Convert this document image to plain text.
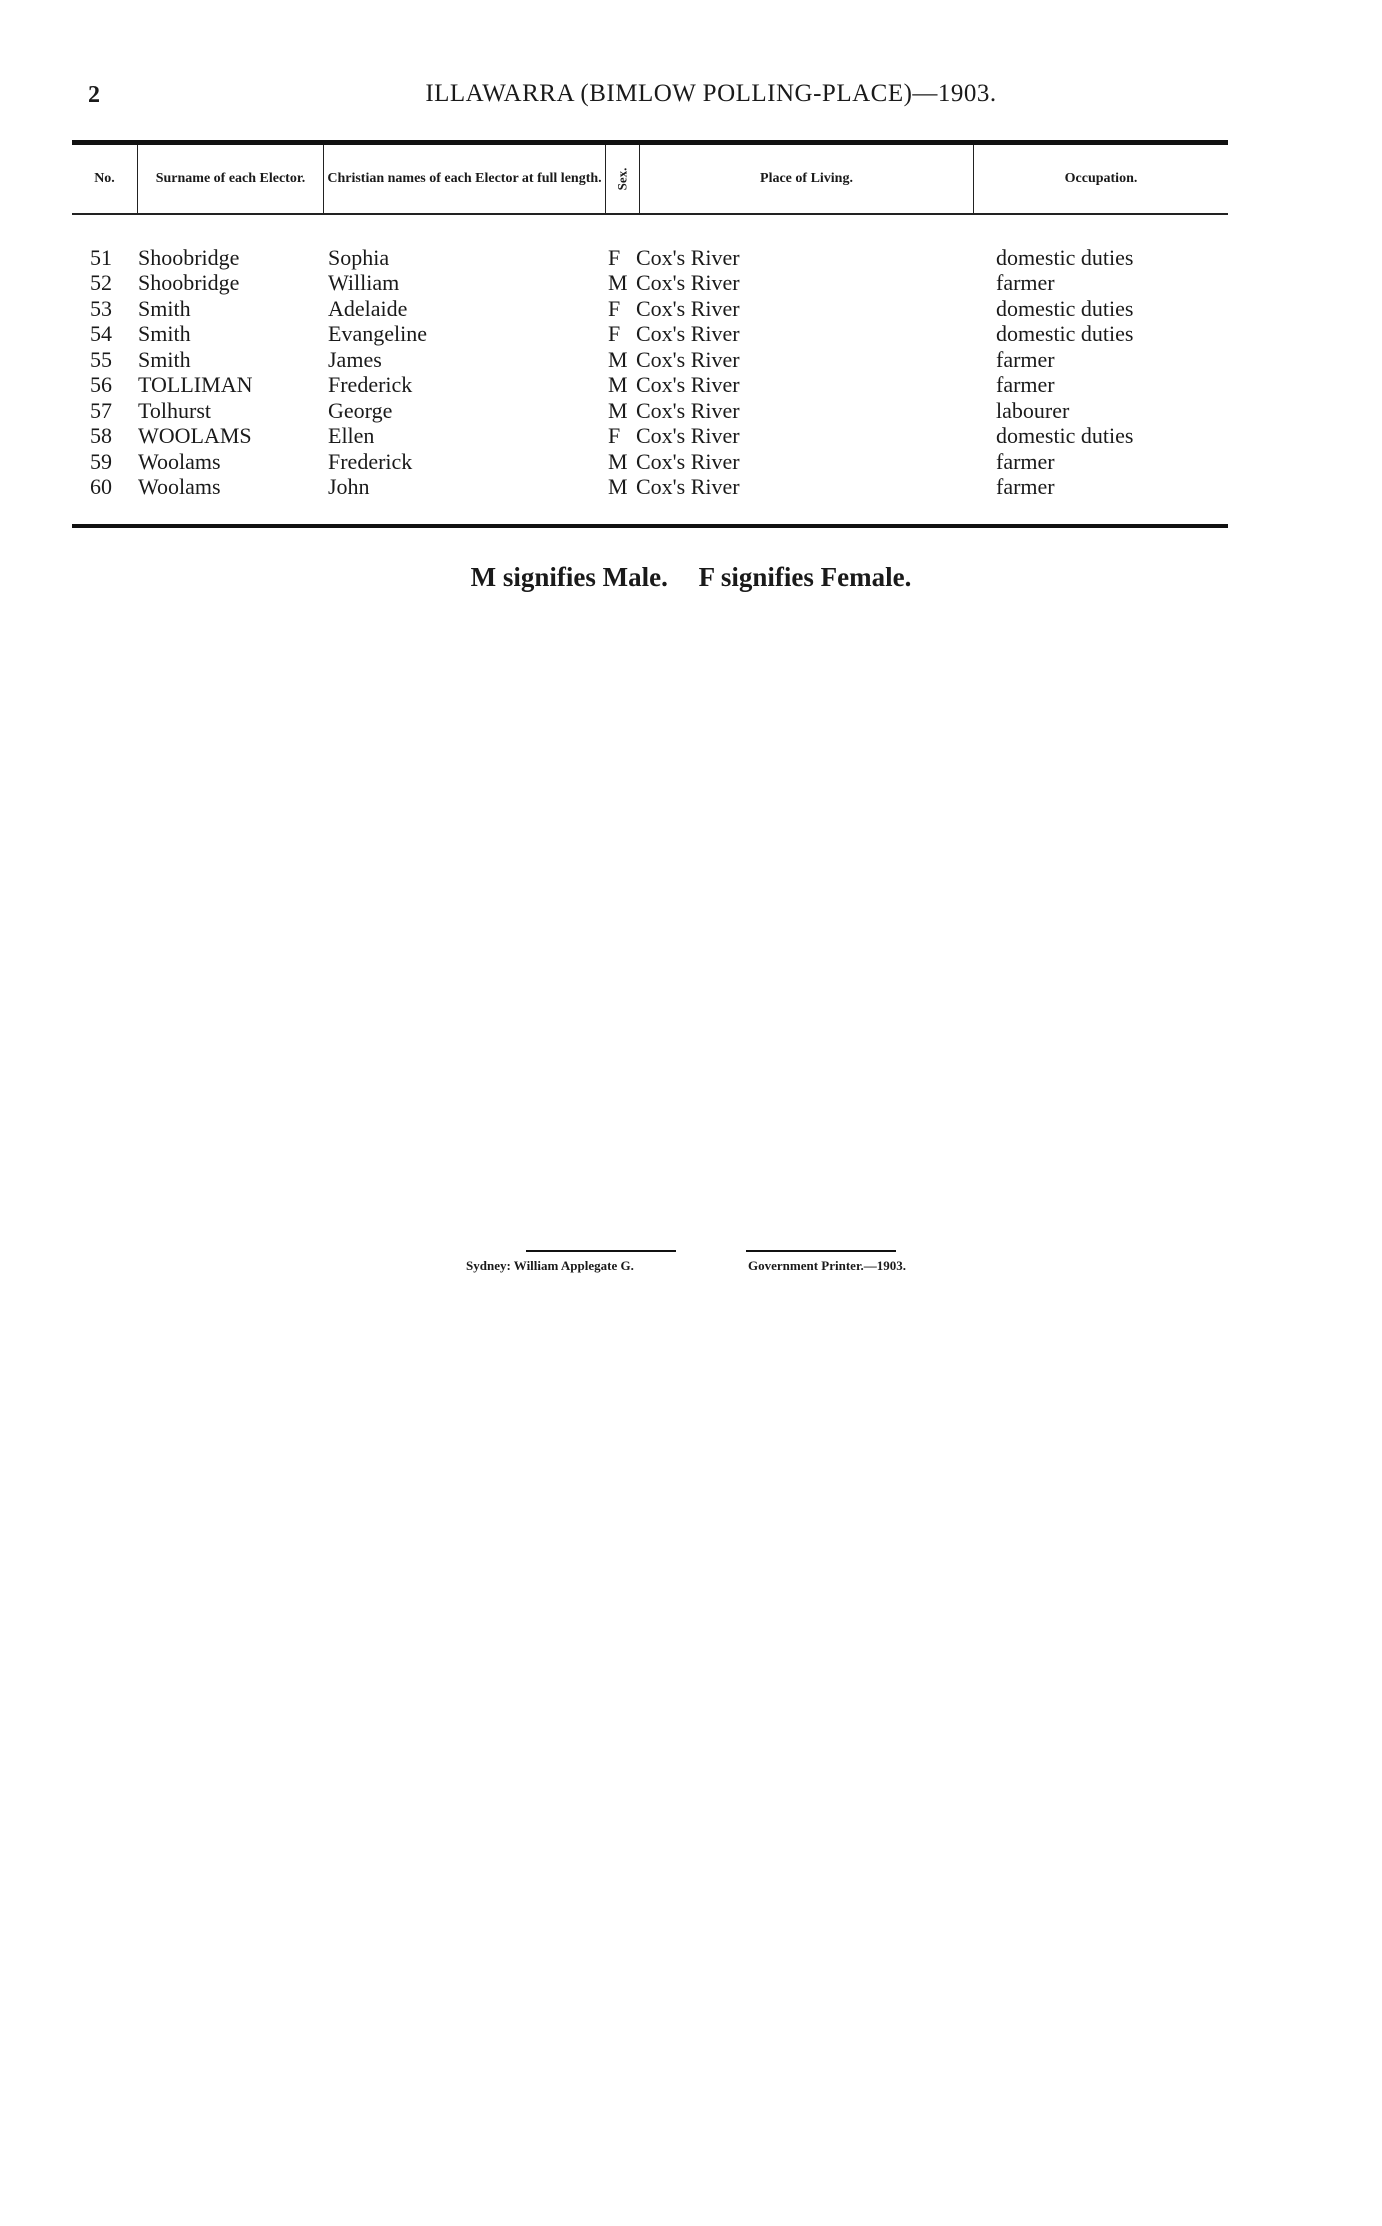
2	ILLAWARRA (BIMLOW POLLING-PLACE)—1903.
No.	Surname of each Elector.	Christian names of each Elector at full length. Sex.	Place of Living.	Occupation.
51	Shoobridge	Sophia	F Cox's River	domestic duties
52	Shoobridge	William	M Cox's River	farmer
53	Smith	Adelaide	F Cox's River	domestic duties
54	Smith	Evangeline	F Cox's River	domestic duties
55	Smith	James	M Cox's River	farmer
56	TOLLIMAN	Frederick	M Cox's River	farmer
57	Tolhurst	George	M Cox's River	labourer
58	WOOLAMS	Ellen	F Cox's River	domestic duties
59	Woolams	Frederick	M Cox's River	farmer
60	Woolams	John	M Cox's River	farmer
M signifies Male. F signifies Female.
Sydney: William Applegate G.	Government Printer.—1903.
